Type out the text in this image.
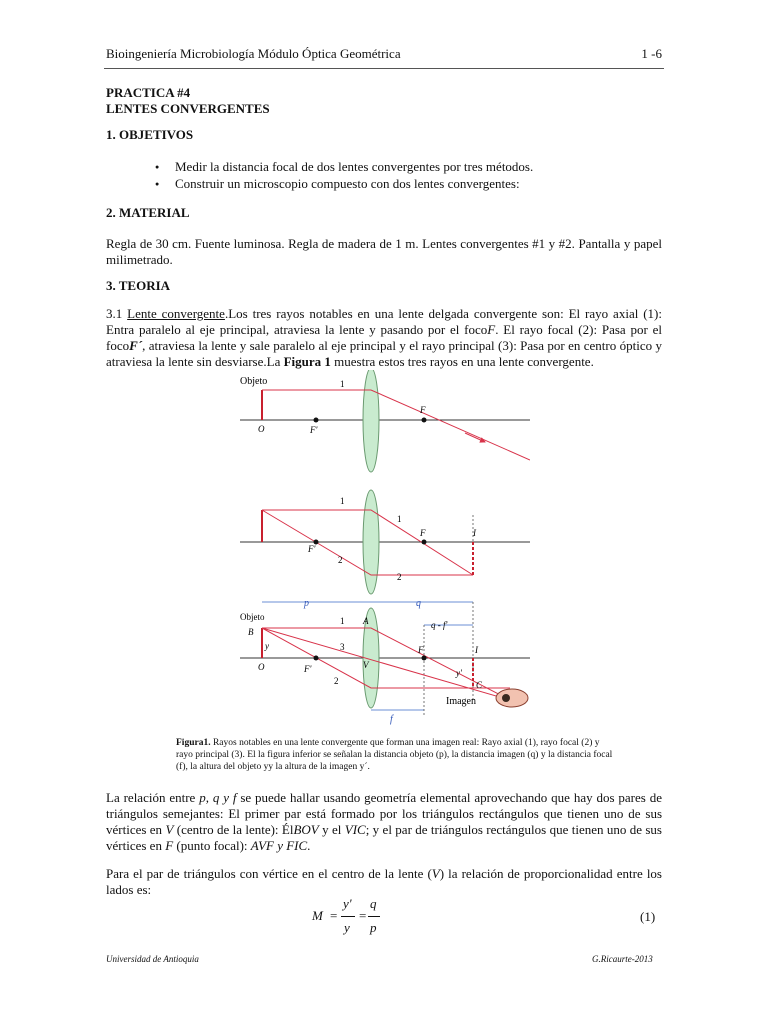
Bioingeniería Microbiología Módulo Óptica Geométrica	1 -6
PRACTICA #4
LENTES CONVERGENTES
1. OBJETIVOS
● Medir la distancia focal de dos lentes convergentes por tres métodos.
● Construir un microscopio compuesto con dos lentes convergentes:
2. MATERIAL
Regla de 30 cm. Fuente luminosa. Regla de madera de 1 m. Lentes convergentes #1 y #2. Pantalla y papel milimetrado.
3. TEORIA
3.1 Lente convergente.Los tres rayos notables en una lente delgada convergente son: El rayo axial (1): Entra paralelo al eje principal, atraviesa la lente y pasando por el focoF. El rayo focal (2): Pasa por el focoF´, atraviesa la lente y sale paralelo al eje principal y el rayo principal (3): Pasa por en centro óptico y atraviesa la lente sin desviarse.La Figura 1 muestra estos tres rayos en una lente convergente.
Objeto	1
O	F'
F
1
1
F'
F	I
2
2
Objeto
p	q
q - f'
B
y
O	F'
1
3
2
A
V
F	I
y'
C
Imagen
f
Figura1. Rayos notables en una lente convergente que forman una imagen real: Rayo axial (1), rayo focal (2) y rayo principal (3). El la figura inferior se señalan la distancia objeto (p), la distancia imagen (q) y la distancia focal (f), la altura del objeto yy la altura de la imagen y´.
La relación entre p, q y f se puede hallar usando geometría elemental aprovechando que hay dos pares de triángulos semejantes: El primer par está formado por los triángulos rectángulos que tienen uno de sus vértices en V (centro de la lente): ÉlBOV y el VIC; y el par de triángulos rectángulos que tienen uno de sus vértices en F (punto focal): AVF y FIC.
Para el par de triángulos con vértice en el centro de la lente (V) la relación de proporcionalidad entre los lados es:
M =
y'
y
=
q
p
(1)
Universidad de Antioquia	G.Ricaurte-2013
